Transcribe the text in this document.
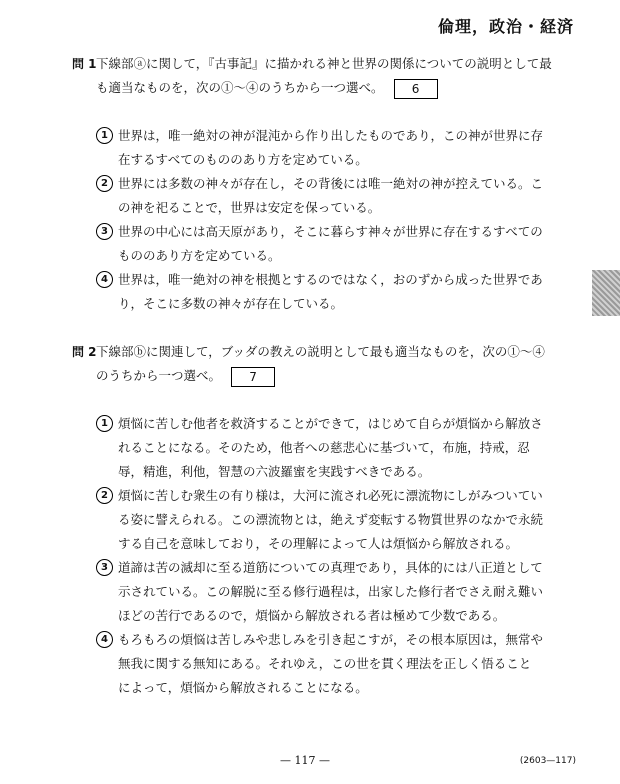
倫理，政治・経済
問 1 下線部ⓐに関して，『古事記』に描かれる神と世界の関係についての説明として最も適当なものを，次の①～④のうちから一つ選べ。 6
1 世界は，唯一絶対の神が混沌から作り出したものであり，この神が世界に存在するすべてのもののあり方を定めている。
2 世界には多数の神々が存在し，その背後には唯一絶対の神が控えている。この神を祀ることで，世界は安定を保っている。
3 世界の中心には高天原があり，そこに暮らす神々が世界に存在するすべてのもののあり方を定めている。
4 世界は，唯一絶対の神を根拠とするのではなく，おのずから成った世界であり，そこに多数の神々が存在している。
問 2 下線部ⓑに関連して，ブッダの教えの説明として最も適当なものを，次の①～④のうちから一つ選べ。 7
1 煩悩に苦しむ他者を救済することができて，はじめて自らが煩悩から解放されることになる。そのため，他者への慈悲心に基づいて，布施，持戒，忍辱，精進，利他，智慧の六波羅蜜を実践すべきである。
2 煩悩に苦しむ衆生の有り様は，大河に流され必死に漂流物にしがみついている姿に譬えられる。この漂流物とは，絶えず変転する物質世界のなかで永続する自己を意味しており，その理解によって人は煩悩から解放される。
3 道諦は苦の滅却に至る道筋についての真理であり，具体的には八正道として示されている。この解脱に至る修行過程は，出家した修行者でさえ耐え難いほどの苦行であるので，煩悩から解放される者は極めて少数である。
4 もろもろの煩悩は苦しみや悲しみを引き起こすが，その根本原因は，無常や無我に関する無知にある。それゆえ，この世を貫く理法を正しく悟ることによって，煩悩から解放されることになる。
— 117 —	(2603—117)
